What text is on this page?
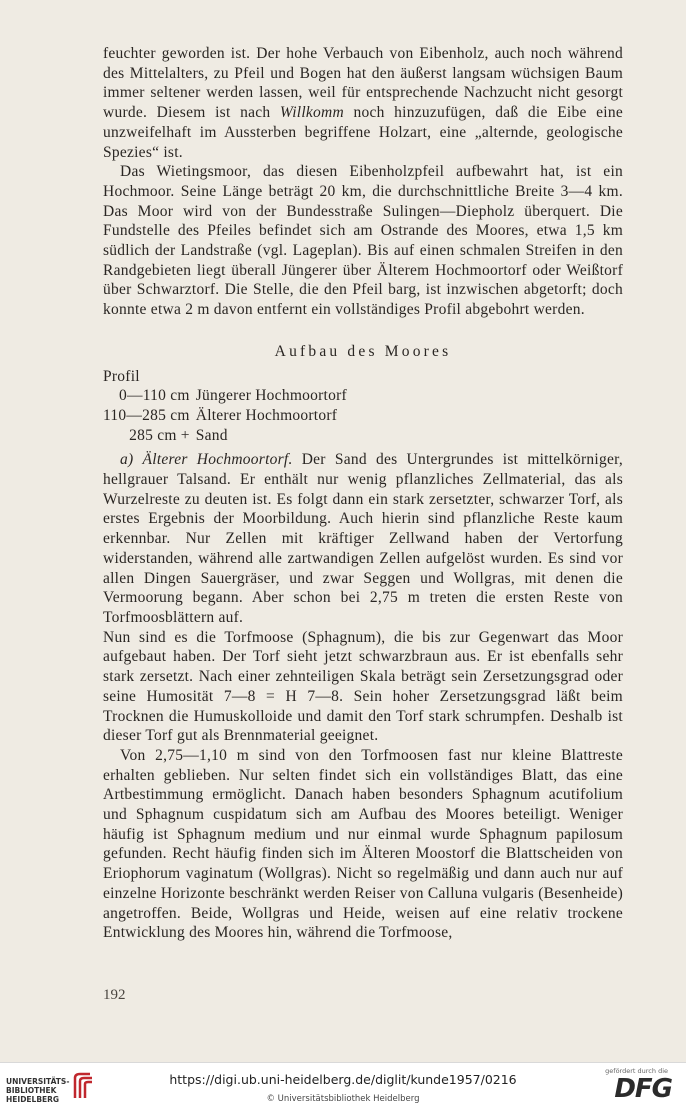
feuchter geworden ist. Der hohe Verbauch von Eibenholz, auch noch während des Mittelalters, zu Pfeil und Bogen hat den äußerst langsam wüchsigen Baum immer seltener werden lassen, weil für entsprechende Nachzucht nicht gesorgt wurde. Diesem ist nach Willkomm noch hinzuzufügen, daß die Eibe eine unzweifelhaft im Aussterben begriffene Holzart, eine „alternde, geologische Spezies“ ist.

Das Wietingsmoor, das diesen Eibenholzpfeil aufbewahrt hat, ist ein Hochmoor. Seine Länge beträgt 20 km, die durchschnittliche Breite 3—4 km. Das Moor wird von der Bundesstraße Sulingen—Diepholz überquert. Die Fundstelle des Pfeiles befindet sich am Ostrande des Moores, etwa 1,5 km südlich der Landstraße (vgl. Lageplan). Bis auf einen schmalen Streifen in den Randgebieten liegt überall Jüngerer über Älterem Hochmoortorf oder Weißtorf über Schwarztorf. Die Stelle, die den Pfeil barg, ist inzwischen abgetorft; doch konnte etwa 2 m davon entfernt ein vollständiges Profil abgebohrt werden.

Aufbau des Moores

Profil

0—110 cm	Jüngerer Hochmoortorf
110—285 cm	Älterer Hochmoortorf
285 cm +	Sand

a) Älterer Hochmoortorf. Der Sand des Untergrundes ist mittelkörniger, hellgrauer Talsand. Er enthält nur wenig pflanzliches Zellmaterial, das als Wurzelreste zu deuten ist. Es folgt dann ein stark zersetzter, schwarzer Torf, als erstes Ergebnis der Moorbildung. Auch hierin sind pflanzliche Reste kaum erkennbar. Nur Zellen mit kräftiger Zellwand haben der Vertorfung widerstanden, während alle zartwandigen Zellen aufgelöst wurden. Es sind vor allen Dingen Sauergräser, und zwar Seggen und Wollgras, mit denen die Vermoorung begann. Aber schon bei 2,75 m treten die ersten Reste von Torfmoosblättern auf.

Nun sind es die Torfmoose (Sphagnum), die bis zur Gegenwart das Moor aufgebaut haben. Der Torf sieht jetzt schwarzbraun aus. Er ist ebenfalls sehr stark zersetzt. Nach einer zehnteiligen Skala beträgt sein Zersetzungsgrad oder seine Humosität 7—8 = H 7—8. Sein hoher Zersetzungsgrad läßt beim Trocknen die Humuskolloide und damit den Torf stark schrumpfen. Deshalb ist dieser Torf gut als Brennmaterial geeignet.

Von 2,75—1,10 m sind von den Torfmoosen fast nur kleine Blattreste erhalten geblieben. Nur selten findet sich ein vollständiges Blatt, das eine Artbestimmung ermöglicht. Danach haben besonders Sphagnum acutifolium und Sphagnum cuspidatum sich am Aufbau des Moores beteiligt. Weniger häufig ist Sphagnum medium und nur einmal wurde Sphagnum papilosum gefunden. Recht häufig finden sich im Älteren Moostorf die Blattscheiden von Eriophorum vaginatum (Wollgras). Nicht so regelmäßig und dann auch nur auf einzelne Horizonte beschränkt werden Reiser von Calluna vulgaris (Besenheide) angetroffen. Beide, Wollgras und Heide, weisen auf eine relativ trockene Entwicklung des Moores hin, während die Torfmoose,

192
UNIVERSITÄTS-
BIBLIOTHEK
HEIDELBERG
https://digi.ub.uni-heidelberg.de/diglit/kunde1957/0216
© Universitätsbibliothek Heidelberg
gefördert durch die
DFG
